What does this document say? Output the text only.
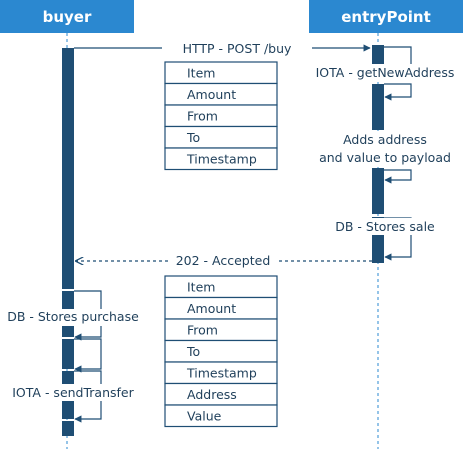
buyer	entryPoint
HTTP - POST /buy
IOTA - getNewAddress
Adds address
and value to payload
DB - Stores sale
202 - Accepted
DB - Stores purchase
IOTA - sendTransfer
Item
Amount
From
To
Timestamp
Item
Amount
From
To
Timestamp
Address
Value
